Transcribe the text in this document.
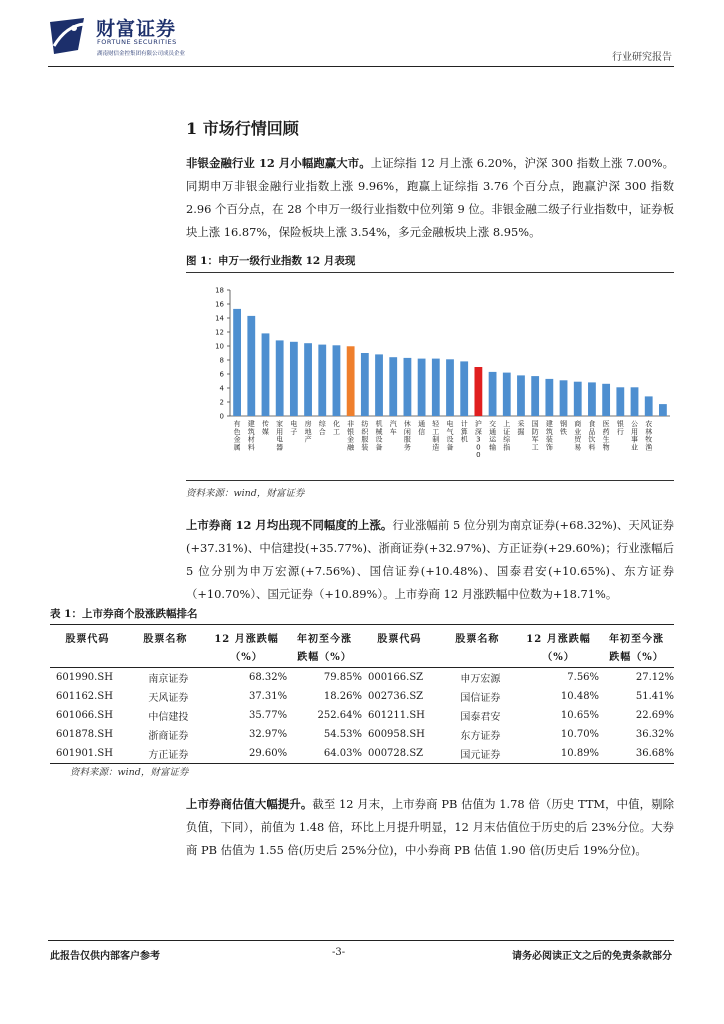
财富证券
FORTUNE SECURITIES
湖南财信金控集团有限公司成员企业	行业研究报告
1 市场行情回顾
非银金融行业 12 月小幅跑赢大市。上证综指 12 月上涨 6.20%，沪深 300 指数上涨 7.00%。同期申万非银金融行业指数上涨 9.96%，跑赢上证综指 3.76 个百分点，跑赢沪深 300 指数 2.96 个百分点，在 28 个申万一级行业指数中位列第 9 位。非银金融二级子行业指数中，证券板块上涨 16.87%，保险板块上涨 3.54%，多元金融板块上涨 8.95%。
图 1：申万一级行业指数 12 月表现
0
2
4
6
8
10
12
14
16
18
有色金属
建筑材料
传媒
家用电器
电子
房地产
综合
化工
非银金融
纺织服装
机械设备
汽车
休闲服务
通信
轻工制造
电气设备
计算机
沪深 3 0 0
交通运输
上证综指
采掘
国防军工
建筑装饰
钢铁
商业贸易
食品饮料
医药生物
银行
公用事业
农林牧渔
资料来源：wind，财富证券
上市券商 12 月均出现不同幅度的上涨。行业涨幅前 5 位分别为南京证券(+68.32%)、天风证券(+37.31%)、中信建投(+35.77%)、浙商证券(+32.97%)、方正证券(+29.60%)；行业涨幅后 5 位分别为申万宏源(+7.56%)、国信证券(+10.48%)、国泰君安(+10.65%)、东方证券（+10.70%）、国元证券（+10.89%）。上市券商 12 月涨跌幅中位数为+18.71%。
表 1：上市券商个股涨跌幅排名
股票代码	股票名称	12 月涨跌幅	年初至今涨	股票代码	股票名称	12 月涨跌幅	年初至今涨
		（%）	跌幅（%）			（%）	跌幅（%）
601990.SH	南京证券	68.32%	79.85%	000166.SZ	申万宏源	7.56%	27.12%
601162.SH	天风证券	37.31%	18.26%	002736.SZ	国信证券	10.48%	51.41%
601066.SH	中信建投	35.77%	252.64%	601211.SH	国泰君安	10.65%	22.69%
601878.SH	浙商证券	32.97%	54.53%	600958.SH	东方证券	10.70%	36.32%
601901.SH	方正证券	29.60%	64.03%	000728.SZ	国元证券	10.89%	36.68%
资料来源：wind，财富证券
上市券商估值大幅提升。截至 12 月末，上市券商 PB 估值为 1.78 倍（历史 TTM，中值，剔除负值，下同），前值为 1.48 倍，环比上月提升明显，12 月末估值位于历史的后 23%分位。大券商 PB 估值为 1.55 倍(历史后 25%分位)，中小券商 PB 估值 1.90 倍(历史后 19%分位)。
此报告仅供内部客户参考	-3-	请务必阅读正文之后的免责条款部分
